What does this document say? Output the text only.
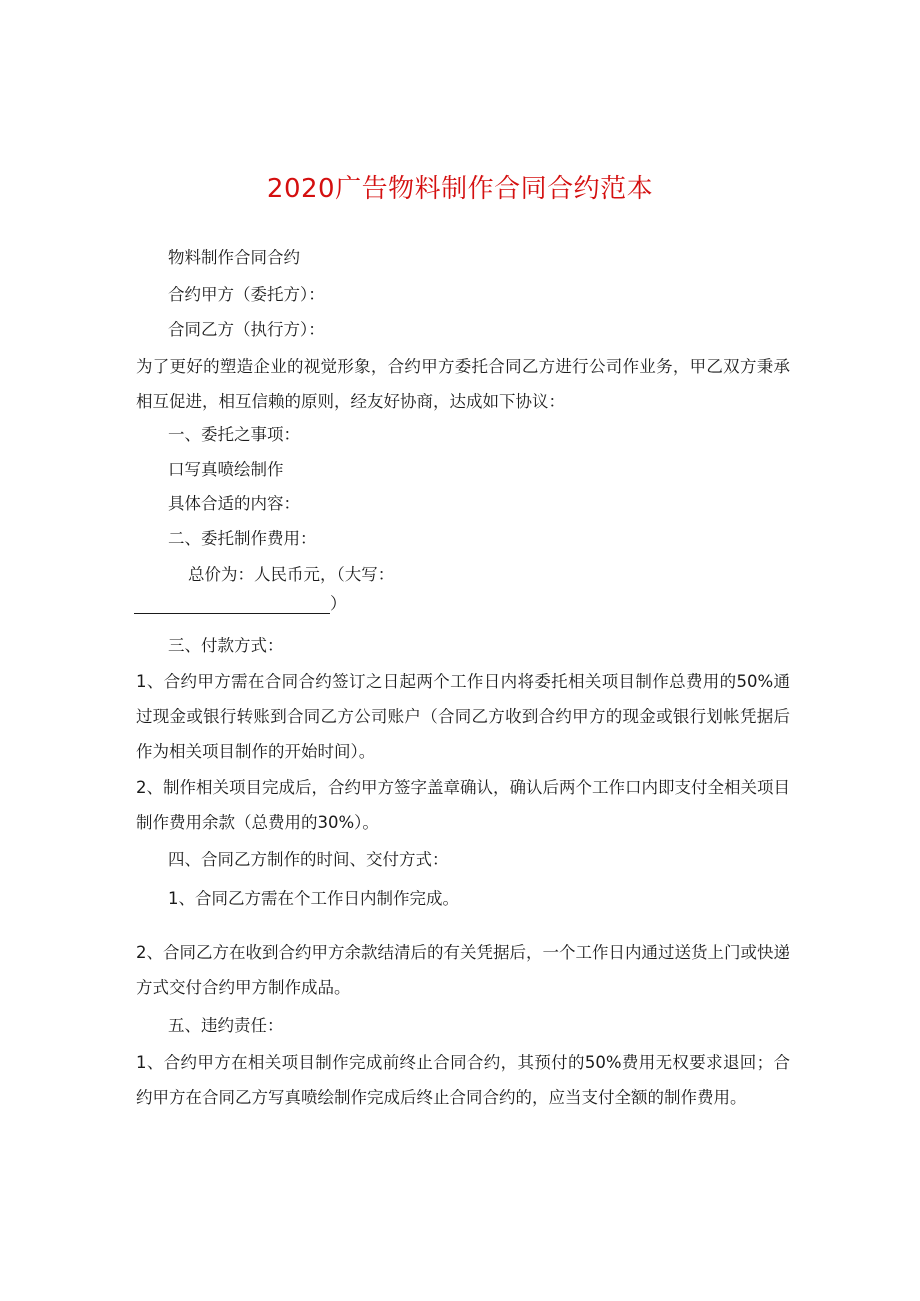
2020广告物料制作合同合约范本
物料制作合同合约
合约甲方（委托方）：
合同乙方（执行方）：
为了更好的塑造企业的视觉形象，合约甲方委托合同乙方进行公司作业务，甲乙双方秉承相互促进，相互信赖的原则，经友好协商，达成如下协议：
一、委托之事项：
口写真喷绘制作
具体合适的内容：
二、委托制作费用：
总价为：人民币元，（大写：
）
三、付款方式：
1、合约甲方需在合同合约签订之日起两个工作日内将委托相关项目制作总费用的50%通过现金或银行转账到合同乙方公司账户（合同乙方收到合约甲方的现金或银行划帐凭据后作为相关项目制作的开始时间）。
2、制作相关项目完成后，合约甲方签字盖章确认，确认后两个工作口内即支付全相关项目制作费用余款（总费用的30%）。
四、合同乙方制作的时间、交付方式：
1、合同乙方需在个工作日内制作完成。
2、合同乙方在收到合约甲方余款结清后的有关凭据后，一个工作日内通过送货上门或快递方式交付合约甲方制作成品。
五、违约责任：
1、合约甲方在相关项目制作完成前终止合同合约，其预付的50%费用无权要求退回；合约甲方在合同乙方写真喷绘制作完成后终止合同合约的，应当支付全额的制作费用。
